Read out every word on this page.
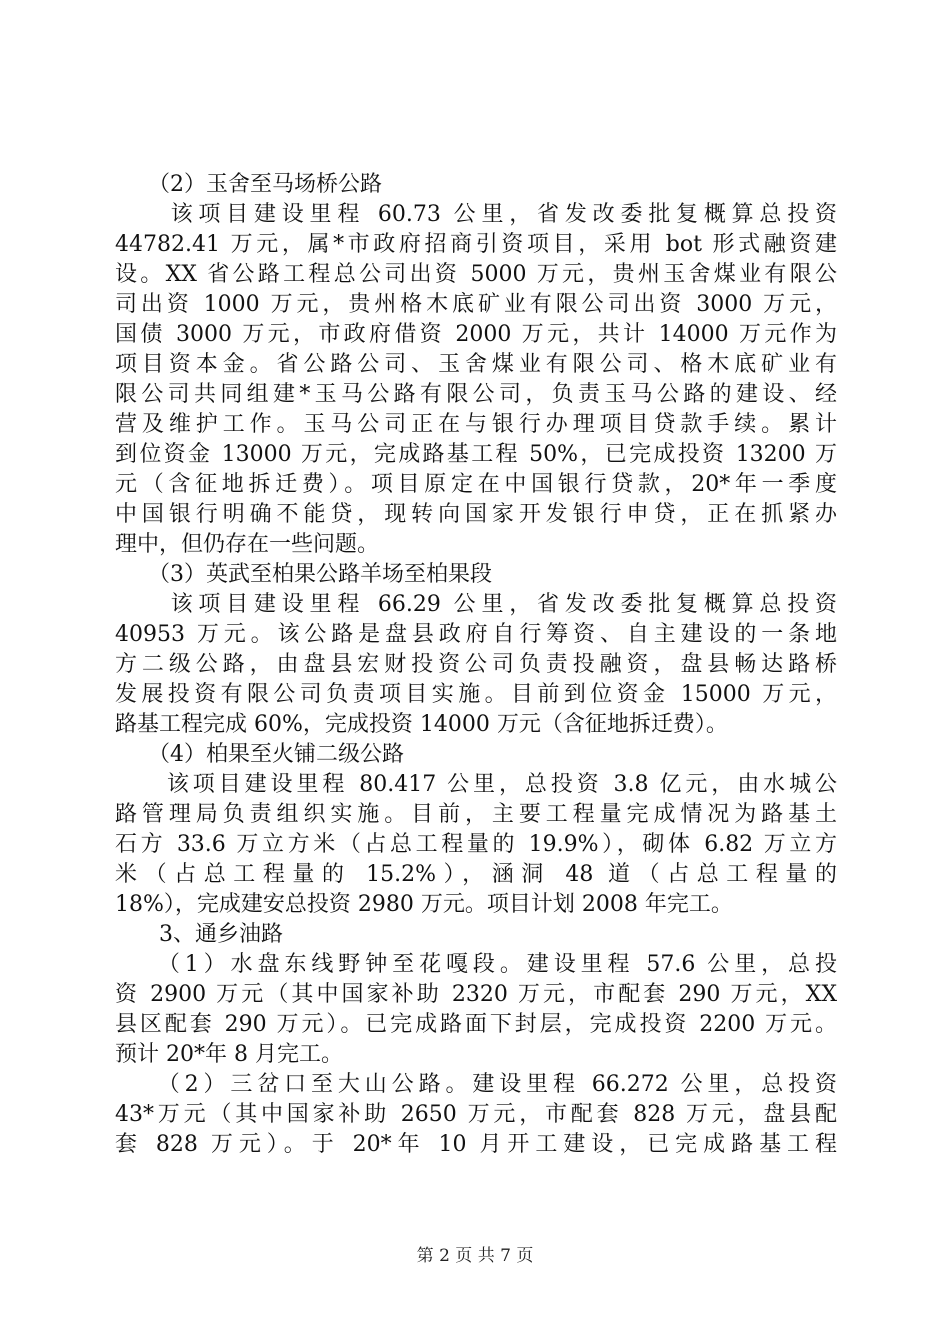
　　（2）玉舍至马场桥公路
　　该项目建设里程 60.73 公里，省发改委批复概算总投资
44782.41 万元，属*市政府招商引资项目，采用 bot 形式融资建
设。XX 省公路工程总公司出资 5000 万元，贵州玉舍煤业有限公
司出资 1000 万元，贵州格木底矿业有限公司出资 3000 万元，
国债 3000 万元，市政府借资 2000 万元，共计 14000 万元作为
项目资本金。省公路公司、玉舍煤业有限公司、格木底矿业有
限公司共同组建*玉马公路有限公司，负责玉马公路的建设、经
营及维护工作。玉马公司正在与银行办理项目贷款手续。累计
到位资金 13000 万元，完成路基工程 50%，已完成投资 13200 万
元（含征地拆迁费）。项目原定在中国银行贷款，20*年一季度
中国银行明确不能贷，现转向国家开发银行申贷，正在抓紧办
理中，但仍存在一些问题。
　　（3）英武至柏果公路羊场至柏果段
　　该项目建设里程 66.29 公里，省发改委批复概算总投资
40953 万元。该公路是盘县政府自行筹资、自主建设的一条地
方二级公路，由盘县宏财投资公司负责投融资，盘县畅达路桥
发展投资有限公司负责项目实施。目前到位资金 15000 万元，
路基工程完成 60%，完成投资 14000 万元（含征地拆迁费）。
　　（4）柏果至火铺二级公路
　　该项目建设里程 80.417 公里，总投资 3.8 亿元，由水城公
路管理局负责组织实施。目前，主要工程量完成情况为路基土
石方 33.6 万立方米（占总工程量的 19.9%），砌体 6.82 万立方
米（占总工程量的 15.2%），涵洞 48 道（占总工程量的
18%），完成建安总投资 2980 万元。项目计划 2008 年完工。
　　3、通乡油路
　　（1）水盘东线野钟至花嘎段。建设里程 57.6 公里，总投
资 2900 万元（其中国家补助 2320 万元，市配套 290 万元，XX
县区配套 290 万元）。已完成路面下封层，完成投资 2200 万元。
预计 20*年 8 月完工。
　　（2）三岔口至大山公路。建设里程 66.272 公里，总投资
43*万元（其中国家补助 2650 万元，市配套 828 万元，盘县配
套 828 万元）。于 20*年 10 月开工建设，已完成路基工程
第 2 页 共 7 页
